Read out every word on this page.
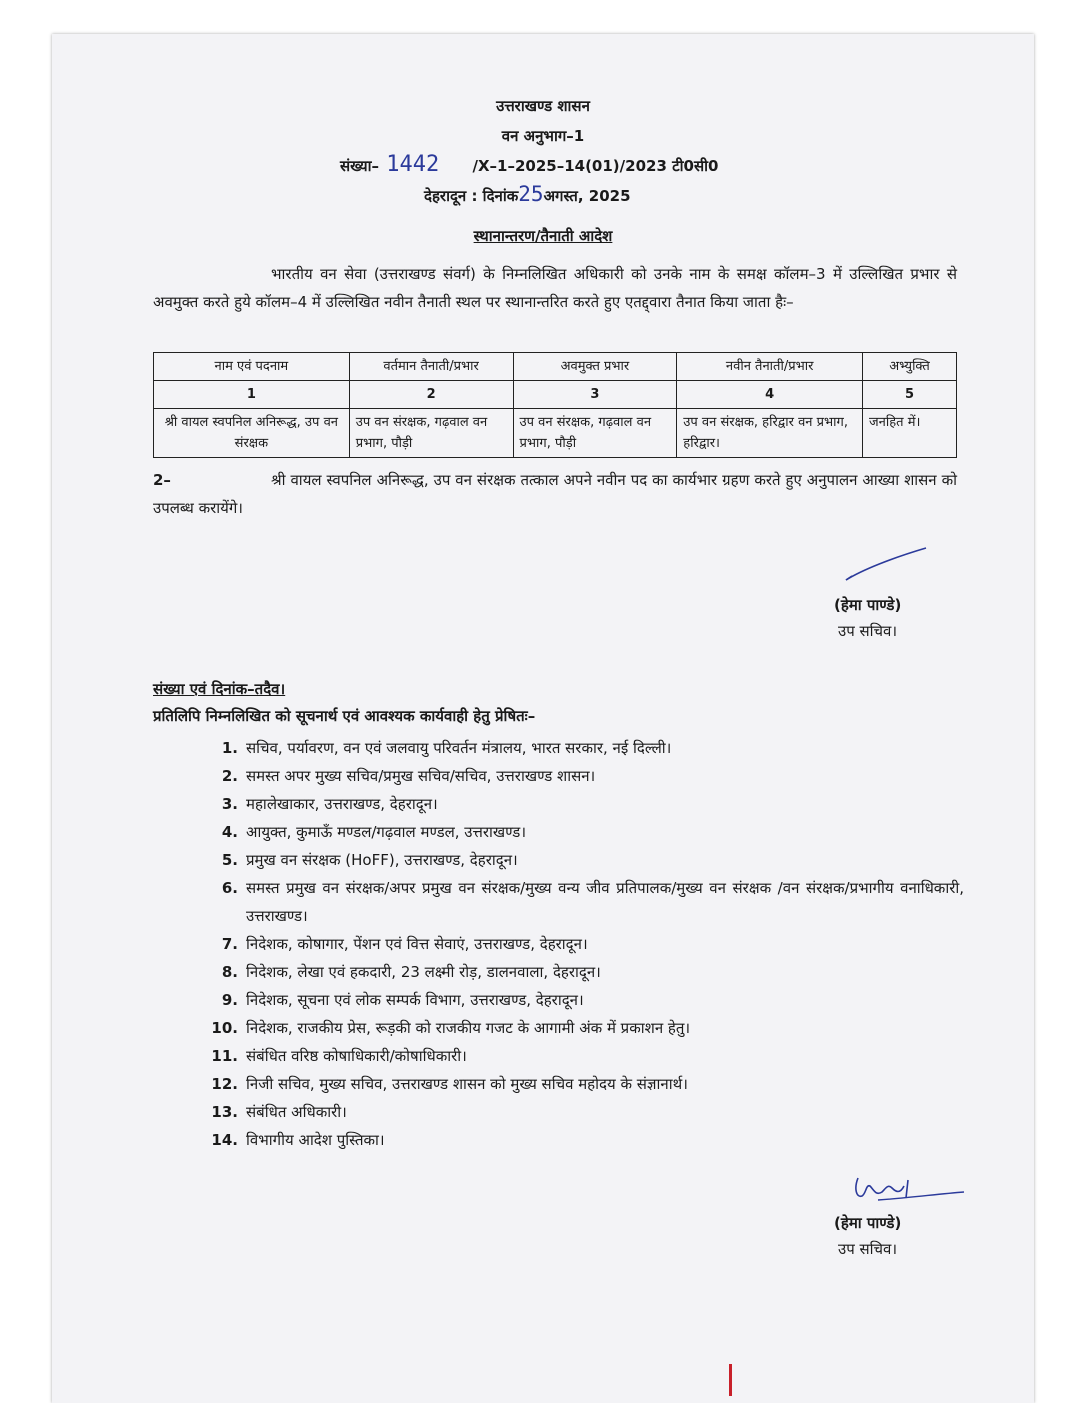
उत्तराखण्ड शासन
वन अनुभाग–1
संख्या– 1442 /X–1–2025–14(01)/2023 टी0सी0
देहरादून : दिनांक25अगस्त, 2025
स्थानान्तरण/तैनाती आदेश
भारतीय वन सेवा (उत्तराखण्ड संवर्ग) के निम्नलिखित अधिकारी को उनके नाम के समक्ष कॉलम–3 में उल्लिखित प्रभार से अवमुक्त करते हुये कॉलम–4 में उल्लिखित नवीन तैनाती स्थल पर स्थानान्तरित करते हुए एतद्द्वारा तैनात किया जाता हैः–
नाम एवं पदनाम	वर्तमान तैनाती/प्रभार	अवमुक्त प्रभार	नवीन तैनाती/प्रभार	अभ्युक्ति
1	2	3	4	5
श्री वायल स्वपनिल अनिरूद्ध, उप वन संरक्षक	उप वन संरक्षक, गढ़वाल वन प्रभाग, पौड़ी	उप वन संरक्षक, गढ़वाल वन प्रभाग, पौड़ी	उप वन संरक्षक, हरिद्वार वन प्रभाग, हरिद्वार।	जनहित में।
2–	श्री वायल स्वपनिल अनिरूद्ध, उप वन संरक्षक तत्काल अपने नवीन पद का कार्यभार ग्रहण करते हुए अनुपालन आख्या शासन को उपलब्ध करायेंगे।
(हेमा पाण्डे)
उप सचिव।
संख्या एवं दिनांक–तदैव।
प्रतिलिपि निम्नलिखित को सूचनार्थ एवं आवश्यक कार्यवाही हेतु प्रेषितः–
1. सचिव, पर्यावरण, वन एवं जलवायु परिवर्तन मंत्रालय, भारत सरकार, नई दिल्ली।
2. समस्त अपर मुख्य सचिव/प्रमुख सचिव/सचिव, उत्तराखण्ड शासन।
3. महालेखाकार, उत्तराखण्ड, देहरादून।
4. आयुक्त, कुमाऊँ मण्डल/गढ़वाल मण्डल, उत्तराखण्ड।
5. प्रमुख वन संरक्षक (HoFF), उत्तराखण्ड, देहरादून।
6. समस्त प्रमुख वन संरक्षक/अपर प्रमुख वन संरक्षक/मुख्य वन्य जीव प्रतिपालक/मुख्य वन संरक्षक /वन संरक्षक/प्रभागीय वनाधिकारी, उत्तराखण्ड।
7. निदेशक, कोषागार, पेंशन एवं वित्त सेवाएं, उत्तराखण्ड, देहरादून।
8. निदेशक, लेखा एवं हकदारी, 23 लक्ष्मी रोड़, डालनवाला, देहरादून।
9. निदेशक, सूचना एवं लोक सम्पर्क विभाग, उत्तराखण्ड, देहरादून।
10. निदेशक, राजकीय प्रेस, रूड़की को राजकीय गजट के आगामी अंक में प्रकाशन हेतु।
11. संबंधित वरिष्ठ कोषाधिकारी/कोषाधिकारी।
12. निजी सचिव, मुख्य सचिव, उत्तराखण्ड शासन को मुख्य सचिव महोदय के संज्ञानार्थ।
13. संबंधित अधिकारी।
14. विभागीय आदेश पुस्तिका।
(हेमा पाण्डे)
उप सचिव।
